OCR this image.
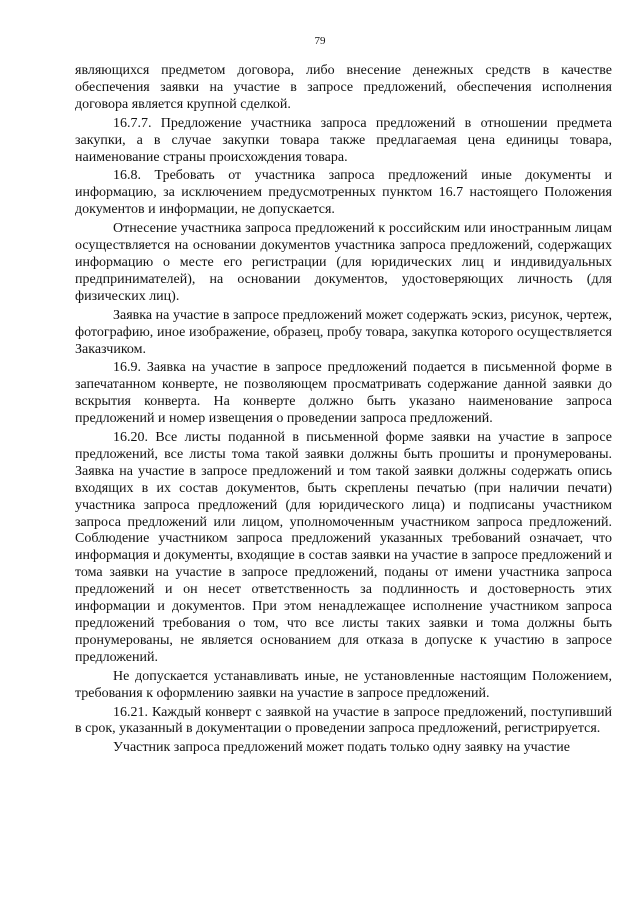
79

являющихся предметом договора, либо внесение денежных средств в качестве обеспечения заявки на участие в запросе предложений, обеспечения исполнения договора является крупной сделкой.

16.7.7. Предложение участника запроса предложений в отношении предмета закупки, а в случае закупки товара также предлагаемая цена единицы товара, наименование страны происхождения товара.

16.8. Требовать от участника запроса предложений иные документы и информацию, за исключением предусмотренных пунктом 16.7 настоящего Положения документов и информации, не допускается.

Отнесение участника запроса предложений к российским или иностранным лицам осуществляется на основании документов участника запроса предложений, содержащих информацию о месте его регистрации (для юридических лиц и индивидуальных предпринимателей), на основании документов, удостоверяющих личность (для физических лиц).

Заявка на участие в запросе предложений может содержать эскиз, рисунок, чертеж, фотографию, иное изображение, образец, пробу товара, закупка которого осуществляется Заказчиком.

16.9. Заявка на участие в запросе предложений подается в письменной форме в запечатанном конверте, не позволяющем просматривать содержание данной заявки до вскрытия конверта. На конверте должно быть указано наименование запроса предложений и номер извещения о проведении запроса предложений.

16.20. Все листы поданной в письменной форме заявки на участие в запросе предложений, все листы тома такой заявки должны быть прошиты и пронумерованы. Заявка на участие в запросе предложений и том такой заявки должны содержать опись входящих в их состав документов, быть скреплены печатью (при наличии печати) участника запроса предложений (для юридического лица) и подписаны участником запроса предложений или лицом, уполномоченным участником запроса предложений. Соблюдение участником запроса предложений указанных требований означает, что информация и документы, входящие в состав заявки на участие в запросе предложений и тома заявки на участие в запросе предложений, поданы от имени участника запроса предложений и он несет ответственность за подлинность и достоверность этих информации и документов. При этом ненадлежащее исполнение участником запроса предложений требования о том, что все листы таких заявки и тома должны быть пронумерованы, не является основанием для отказа в допуске к участию в запросе предложений.

Не допускается устанавливать иные, не установленные настоящим Положением, требования к оформлению заявки на участие в запросе предложений.

16.21. Каждый конверт с заявкой на участие в запросе предложений, поступивший в срок, указанный в документации о проведении запроса предложений, регистрируется.

Участник запроса предложений может подать только одну заявку на участие
